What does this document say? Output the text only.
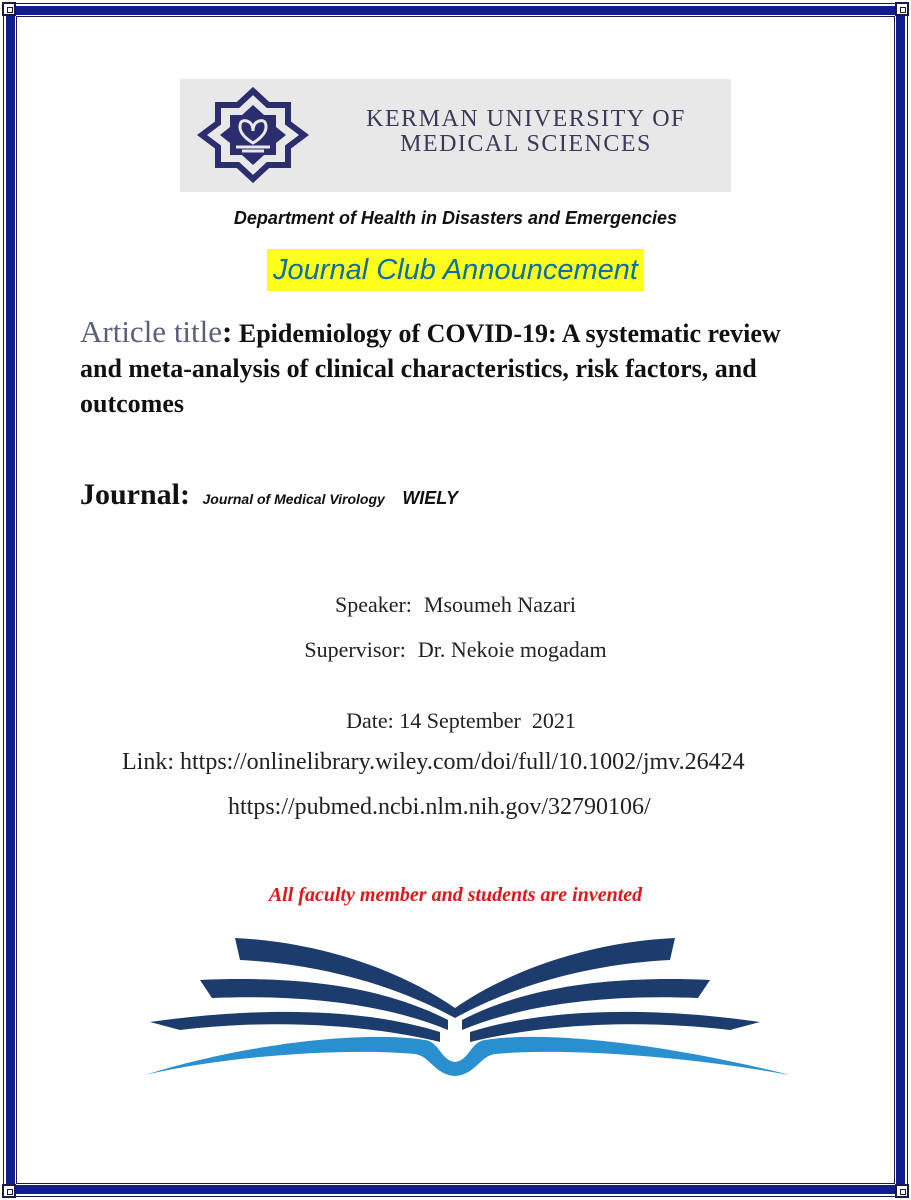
KERMAN UNIVERSITY OF
MEDICAL SCIENCES
Department of Health in Disasters and Emergencies
Journal Club Announcement
Article title: Epidemiology of COVID-19: A systematic review and meta-analysis of clinical characteristics, risk factors, and outcomes
Journal: Journal of Medical Virology WIELY
Speaker: Msoumeh Nazari
Supervisor: Dr. Nekoie mogadam

Date: 14 September  2021

Link: https://onlinelibrary.wiley.com/doi/full/10.1002/jmv.26424
https://pubmed.ncbi.nlm.nih.gov/32790106/
All faculty member and students are invented
